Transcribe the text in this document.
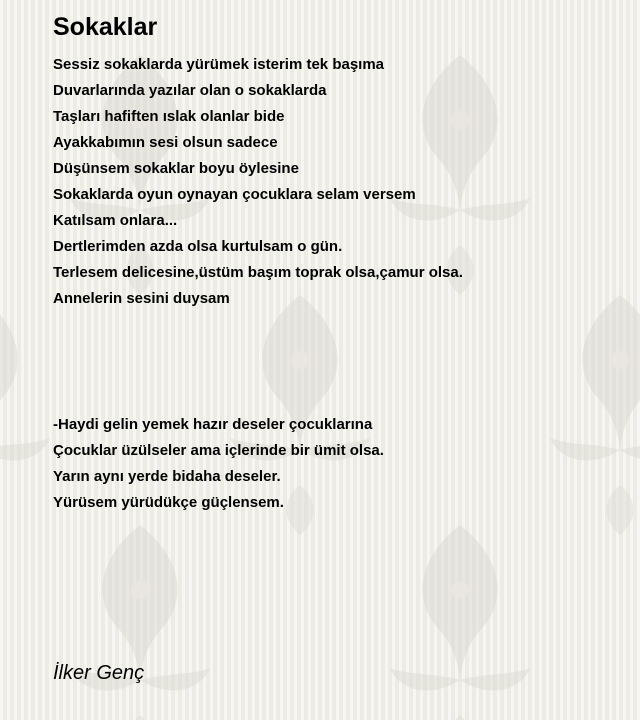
Sokaklar
Sessiz sokaklarda yürümek isterim tek başıma
Duvarlarında yazılar olan o sokaklarda
Taşları hafiften ıslak olanlar bide
Ayakkabımın sesi olsun sadece
Düşünsem sokaklar boyu öylesine
Sokaklarda oyun oynayan çocuklara selam versem
Katılsam onlara...
Dertlerimden azda olsa kurtulsam o gün.
Terlesem delicesine,üstüm başım toprak olsa,çamur olsa.
Annelerin sesini duysam
-Haydi gelin yemek hazır deseler çocuklarına
Çocuklar üzülseler ama içlerinde bir ümit olsa.
Yarın aynı yerde bidaha deseler.
Yürüsem yürüdükçe güçlensem.

İlker Genç
